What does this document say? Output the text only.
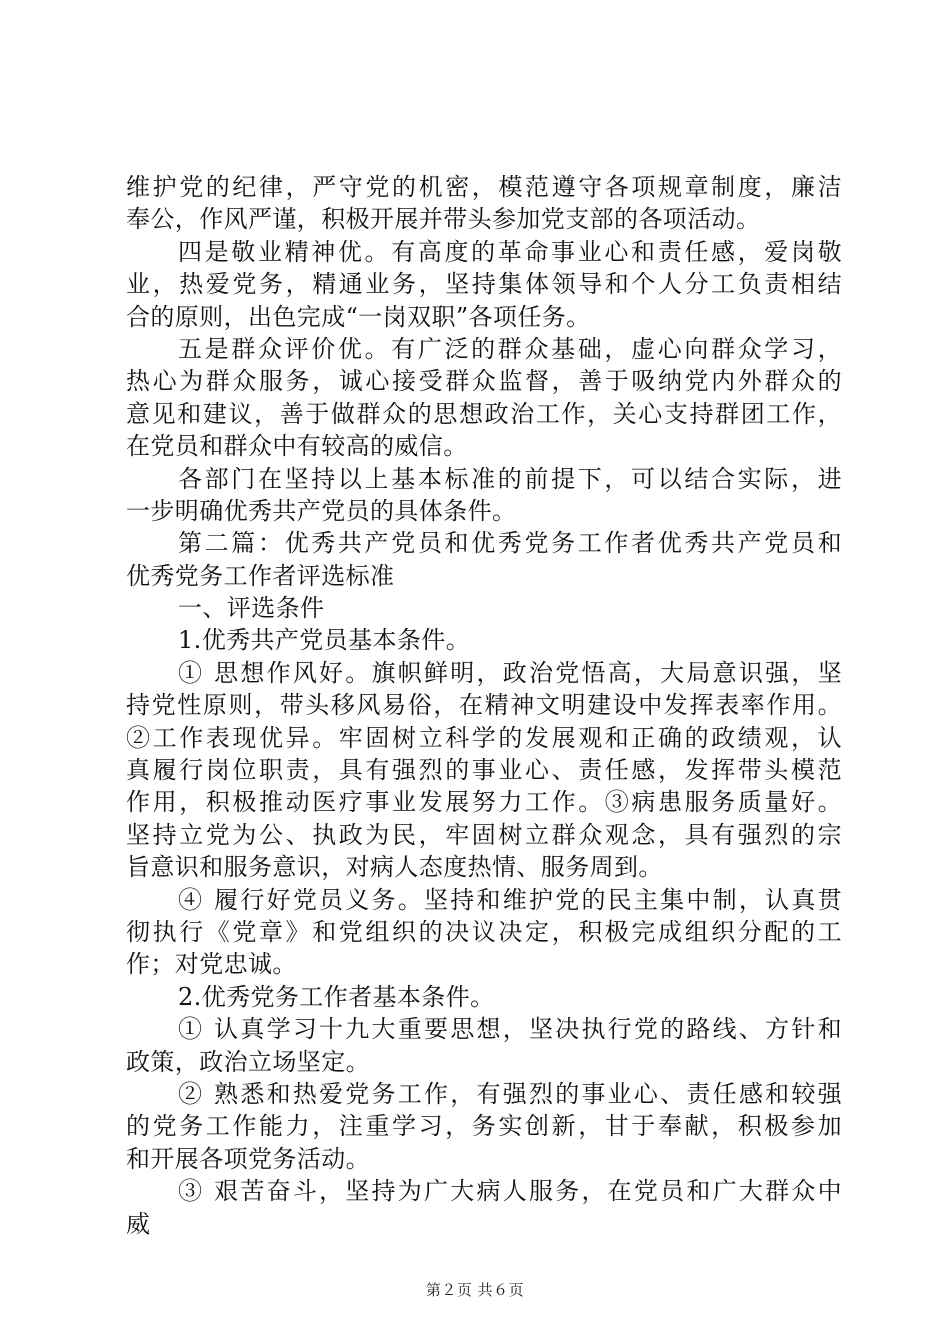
维护党的纪律，严守党的机密，模范遵守各项规章制度，廉洁
奉公，作风严谨，积极开展并带头参加党支部的各项活动。
四是敬业精神优。有高度的革命事业心和责任感，爱岗敬
业，热爱党务，精通业务，坚持集体领导和个人分工负责相结
合的原则，出色完成“一岗双职”各项任务。
五是群众评价优。有广泛的群众基础，虚心向群众学习，
热心为群众服务，诚心接受群众监督，善于吸纳党内外群众的
意见和建议，善于做群众的思想政治工作，关心支持群团工作，
在党员和群众中有较高的威信。
各部门在坚持以上基本标准的前提下，可以结合实际，进
一步明确优秀共产党员的具体条件。
第二篇：优秀共产党员和优秀党务工作者优秀共产党员和
优秀党务工作者评选标准
一、评选条件
1.优秀共产党员基本条件。
① 思想作风好。旗帜鲜明，政治党悟高，大局意识强，坚
持党性原则，带头移风易俗，在精神文明建设中发挥表率作用。
②工作表现优异。牢固树立科学的发展观和正确的政绩观，认
真履行岗位职责，具有强烈的事业心、责任感，发挥带头模范
作用，积极推动医疗事业发展努力工作。③病患服务质量好。
坚持立党为公、执政为民，牢固树立群众观念，具有强烈的宗
旨意识和服务意识，对病人态度热情、服务周到。
④ 履行好党员义务。坚持和维护党的民主集中制，认真贯
彻执行《党章》和党组织的决议决定，积极完成组织分配的工
作；对党忠诚。
2.优秀党务工作者基本条件。
① 认真学习十九大重要思想，坚决执行党的路线、方针和
政策，政治立场坚定。
② 熟悉和热爱党务工作，有强烈的事业心、责任感和较强
的党务工作能力，注重学习，务实创新，甘于奉献，积极参加
和开展各项党务活动。
③ 艰苦奋斗，坚持为广大病人服务，在党员和广大群众中
威
第２页 共６页
